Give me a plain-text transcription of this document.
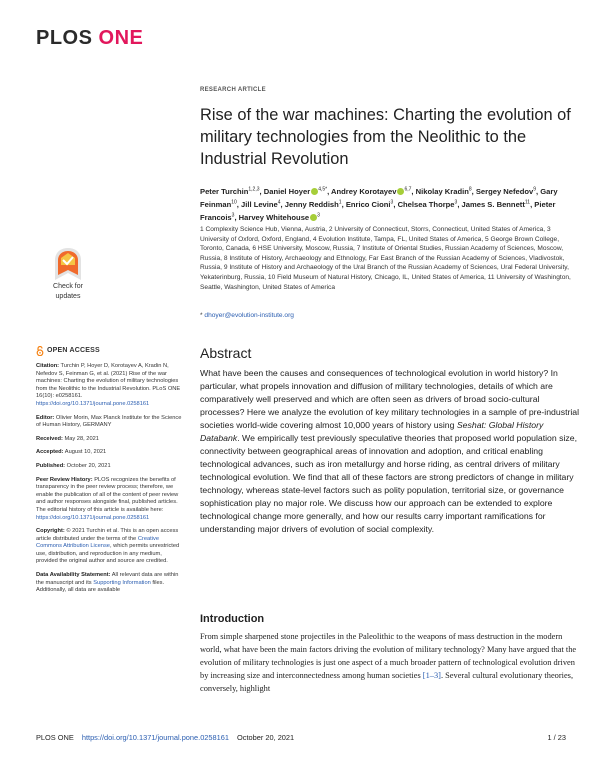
PLOS ONE
RESEARCH ARTICLE
Rise of the war machines: Charting the evolution of military technologies from the Neolithic to the Industrial Revolution
Peter Turchin$^{1,2,3}$, Daniel Hoyer $^{4,5*}$, Andrey Korotayev $^{6,7}$, Nikolay Kradin$^8$, Sergey Nefedov$^9$, Gary Feinman$^{10}$, Jill Levine$^4$, Jenny Reddish$^1$, Enrico Cioni$^3$, Chelsea Thorpe$^3$, James S. Bennett$^{11}$, Pieter Francois$^3$, Harvey Whitehouse $^3$
1 Complexity Science Hub, Vienna, Austria, 2 University of Connecticut, Storrs, Connecticut, United States of America, 3 University of Oxford, Oxford, England, 4 Evolution Institute, Tampa, FL, United States of America, 5 George Brown College, Toronto, Canada, 6 HSE University, Moscow, Russia, 7 Institute of Oriental Studies, Russian Academy of Sciences, Moscow, Russia, 8 Institute of History, Archaeology and Ethnology, Far East Branch of the Russian Academy of Sciences, Vladivostok, Russia, 9 Institute of History and Archaeology of the Ural Branch of the Russian Academy of Sciences, Ural Federal University, Yekaterinburg, Russia, 10 Field Museum of Natural History, Chicago, IL, United States of America, 11 University of Washington, Seattle, Washington, United States of America
* dhoyer@evolution-institute.org
Check for
updates
OPEN ACCESS

Citation: Turchin P, Hoyer D, Korotayev A, Kradin N, Nefedov S, Feinman G, et al. (2021) Rise of the war machines: Charting the evolution of military technologies from the Neolithic to the Industrial Revolution. PLoS ONE 16(10): e0258161. https://doi.org/10.1371/journal.pone.0258161

Editor: Olivier Morin, Max Planck Institute for the Science of Human History, GERMANY

Received: May 28, 2021

Accepted: August 10, 2021

Published: October 20, 2021

Peer Review History: PLOS recognizes the benefits of transparency in the peer review process; therefore, we enable the publication of all of the content of peer review and author responses alongside final, published articles. The editorial history of this article is available here: https://doi.org/10.1371/journal.pone.0258161

Copyright: © 2021 Turchin et al. This is an open access article distributed under the terms of the Creative Commons Attribution License, which permits unrestricted use, distribution, and reproduction in any medium, provided the original author and source are credited.

Data Availability Statement: All relevant data are within the manuscript and its Supporting Information files. Additionally, all data are available

Abstract

What have been the causes and consequences of technological evolution in world history? In particular, what propels innovation and diffusion of military technologies, details of which are comparatively well preserved and which are often seen as drivers of broad socio-cultural processes? Here we analyze the evolution of key military technologies in a sample of pre-industrial societies world-wide covering almost 10,000 years of history using Seshat: Global History Databank. We empirically test previously speculative theories that proposed world population size, connectivity between geographical areas of innovation and adoption, and critical enabling technological advances, such as iron metallurgy and horse riding, as central drivers of military technological evolution. We find that all of these factors are strong predictors of change in military technology, whereas state-level factors such as polity population, territorial size, or governance sophistication play no major role. We discuss how our approach can be extended to explore technological change more generally, and how our results carry important ramifications for understanding major drivers of evolution of social complexity.

Introduction

From simple sharpened stone projectiles in the Paleolithic to the weapons of mass destruction in the modern world, what have been the main factors driving the evolution of military technology? Many have argued that the evolution of military technologies is just one aspect of a much broader pattern of technological evolution driven by increasing size and interconnectedness among human societies [1–3]. Several cultural evolutionary theories, conversely, highlight

PLOS ONE https://doi.org/10.1371/journal.pone.0258161 October 20, 2021	1 / 23
